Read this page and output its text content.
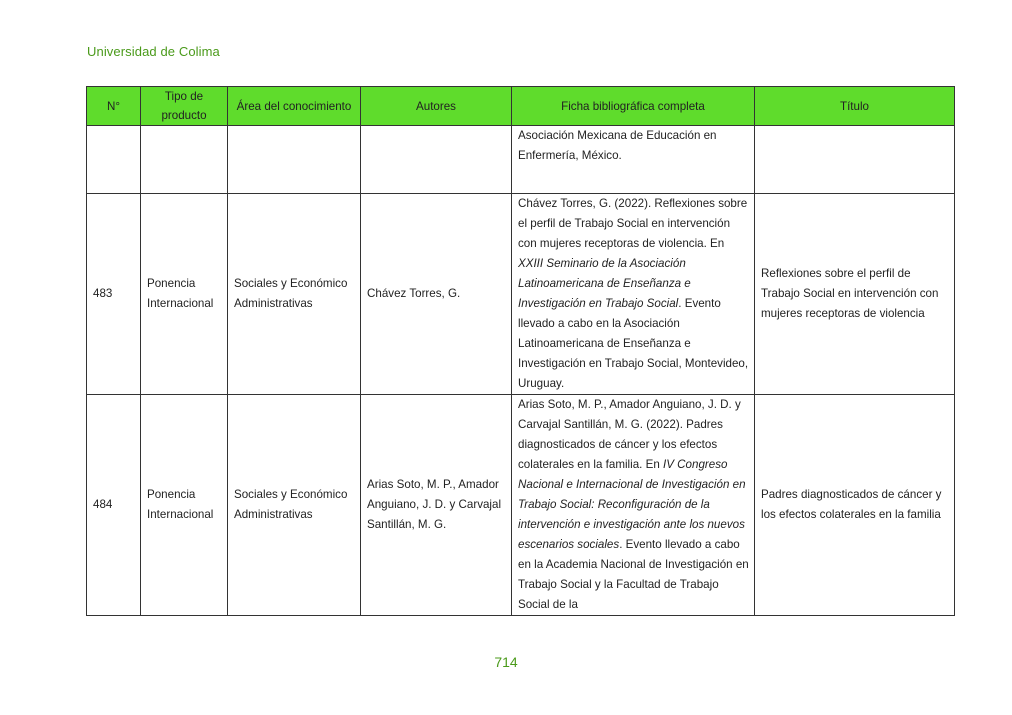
Universidad de Colima
N°	Tipo de producto	Área del conocimiento	Autores	Ficha bibliográfica completa	Título
				Asociación Mexicana de Educación en Enfermería, México.	
483	Ponencia Internacional	Sociales y Económico Administrativas	Chávez Torres, G.	Chávez Torres, G. (2022). Reflexiones sobre el perfil de Trabajo Social en intervención con mujeres receptoras de violencia. En XXIII Seminario de la Asociación Latinoamericana de Enseñanza e Investigación en Trabajo Social. Evento llevado a cabo en la Asociación Latinoamericana de Enseñanza e Investigación en Trabajo Social, Montevideo, Uruguay.	Reflexiones sobre el perfil de Trabajo Social en intervención con mujeres receptoras de violencia
484	Ponencia Internacional	Sociales y Económico Administrativas	Arias Soto, M. P., Amador Anguiano, J. D. y Carvajal Santillán, M. G.	Arias Soto, M. P., Amador Anguiano, J. D. y Carvajal Santillán, M. G. (2022). Padres diagnosticados de cáncer y los efectos colaterales en la familia. En IV Congreso Nacional e Internacional de Investigación en Trabajo Social: Reconfiguración de la intervención e investigación ante los nuevos escenarios sociales. Evento llevado a cabo en la Academia Nacional de Investigación en Trabajo Social y la Facultad de Trabajo Social de la	Padres diagnosticados de cáncer y los efectos colaterales en la familia
714
